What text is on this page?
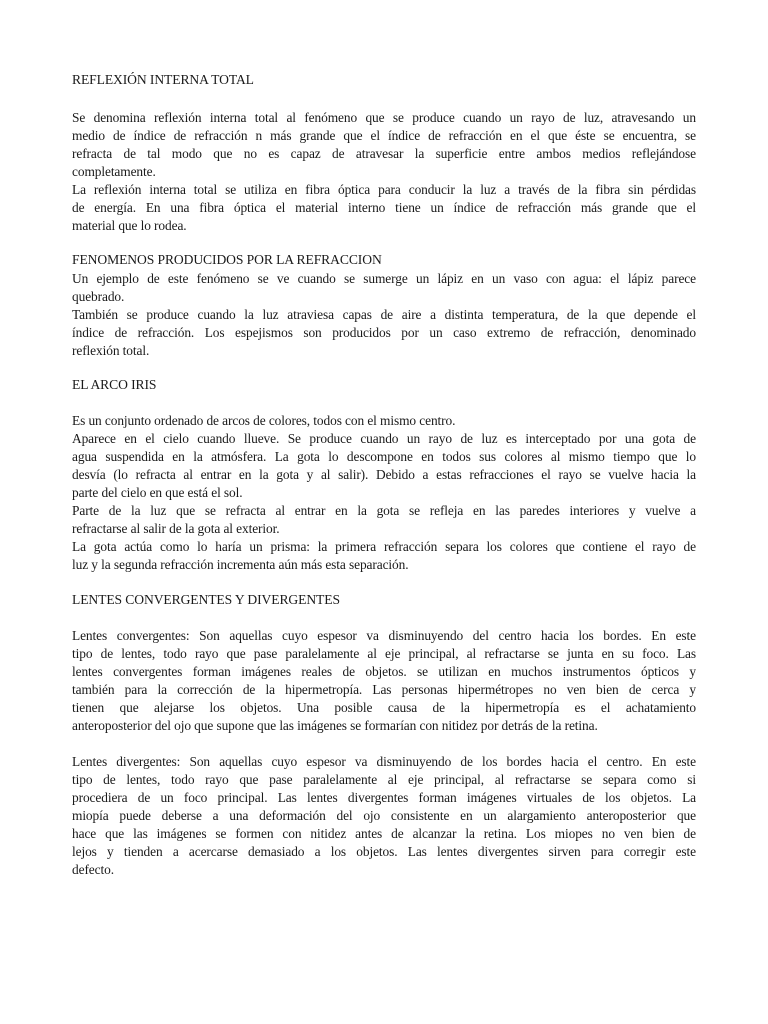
REFLEXIÓN INTERNA TOTAL

Se denomina reflexión interna total al fenómeno que se produce cuando un rayo de luz, atravesando un

medio de índice de refracción n más grande que el índice de refracción en el que éste se encuentra, se

refracta de tal modo que no es capaz de atravesar la superficie entre ambos medios reflejándose

completamente.

La reflexión interna total se utiliza en fibra óptica para conducir la luz a través de la fibra sin pérdidas

de energía. En una fibra óptica el material interno tiene un índice de refracción más grande que el

material que lo rodea.

FENOMENOS PRODUCIDOS POR LA REFRACCION

Un ejemplo de este fenómeno se ve cuando se sumerge un lápiz en un vaso con agua: el lápiz parece

quebrado.

También se produce cuando la luz atraviesa capas de aire a distinta temperatura, de la que depende el

índice de refracción. Los espejismos son producidos por un caso extremo de refracción, denominado

reflexión total.

EL ARCO IRIS

Es un conjunto ordenado de arcos de colores, todos con el mismo centro.

Aparece en el cielo cuando llueve. Se produce cuando un rayo de luz es interceptado por una gota de

agua suspendida en la atmósfera. La gota lo descompone en todos sus colores al mismo tiempo que lo

desvía (lo refracta al entrar en la gota y al salir). Debido a estas refracciones el rayo se vuelve hacia la

parte del cielo en que está el sol.

Parte de la luz que se refracta al entrar en la gota se refleja en las paredes interiores y vuelve a

refractarse al salir de la gota al exterior.

La gota actúa como lo haría un prisma: la primera refracción separa los colores que contiene el rayo de

luz y la segunda refracción incrementa aún más esta separación.

LENTES CONVERGENTES Y DIVERGENTES

Lentes convergentes: Son aquellas cuyo espesor va disminuyendo del centro hacia los bordes. En este

tipo de lentes, todo rayo que pase paralelamente al eje principal, al refractarse se junta en su foco. Las

lentes convergentes forman imágenes reales de objetos. se utilizan en muchos instrumentos ópticos y

también para la corrección de la hipermetropía. Las personas hipermétropes no ven bien de cerca y

tienen que alejarse los objetos. Una posible causa de la hipermetropía es el achatamiento

anteroposterior del ojo que supone que las imágenes se formarían con nitidez por detrás de la retina.

Lentes divergentes: Son aquellas cuyo espesor va disminuyendo de los bordes hacia el centro. En este

tipo de lentes, todo rayo que pase paralelamente al eje principal, al refractarse se separa como si

procediera de un foco principal. Las lentes divergentes forman imágenes virtuales de los objetos. La

miopía puede deberse a una deformación del ojo consistente en un alargamiento anteroposterior que

hace que las imágenes se formen con nitidez antes de alcanzar la retina. Los miopes no ven bien de

lejos y tienden a acercarse demasiado a los objetos. Las lentes divergentes sirven para corregir este

defecto.
